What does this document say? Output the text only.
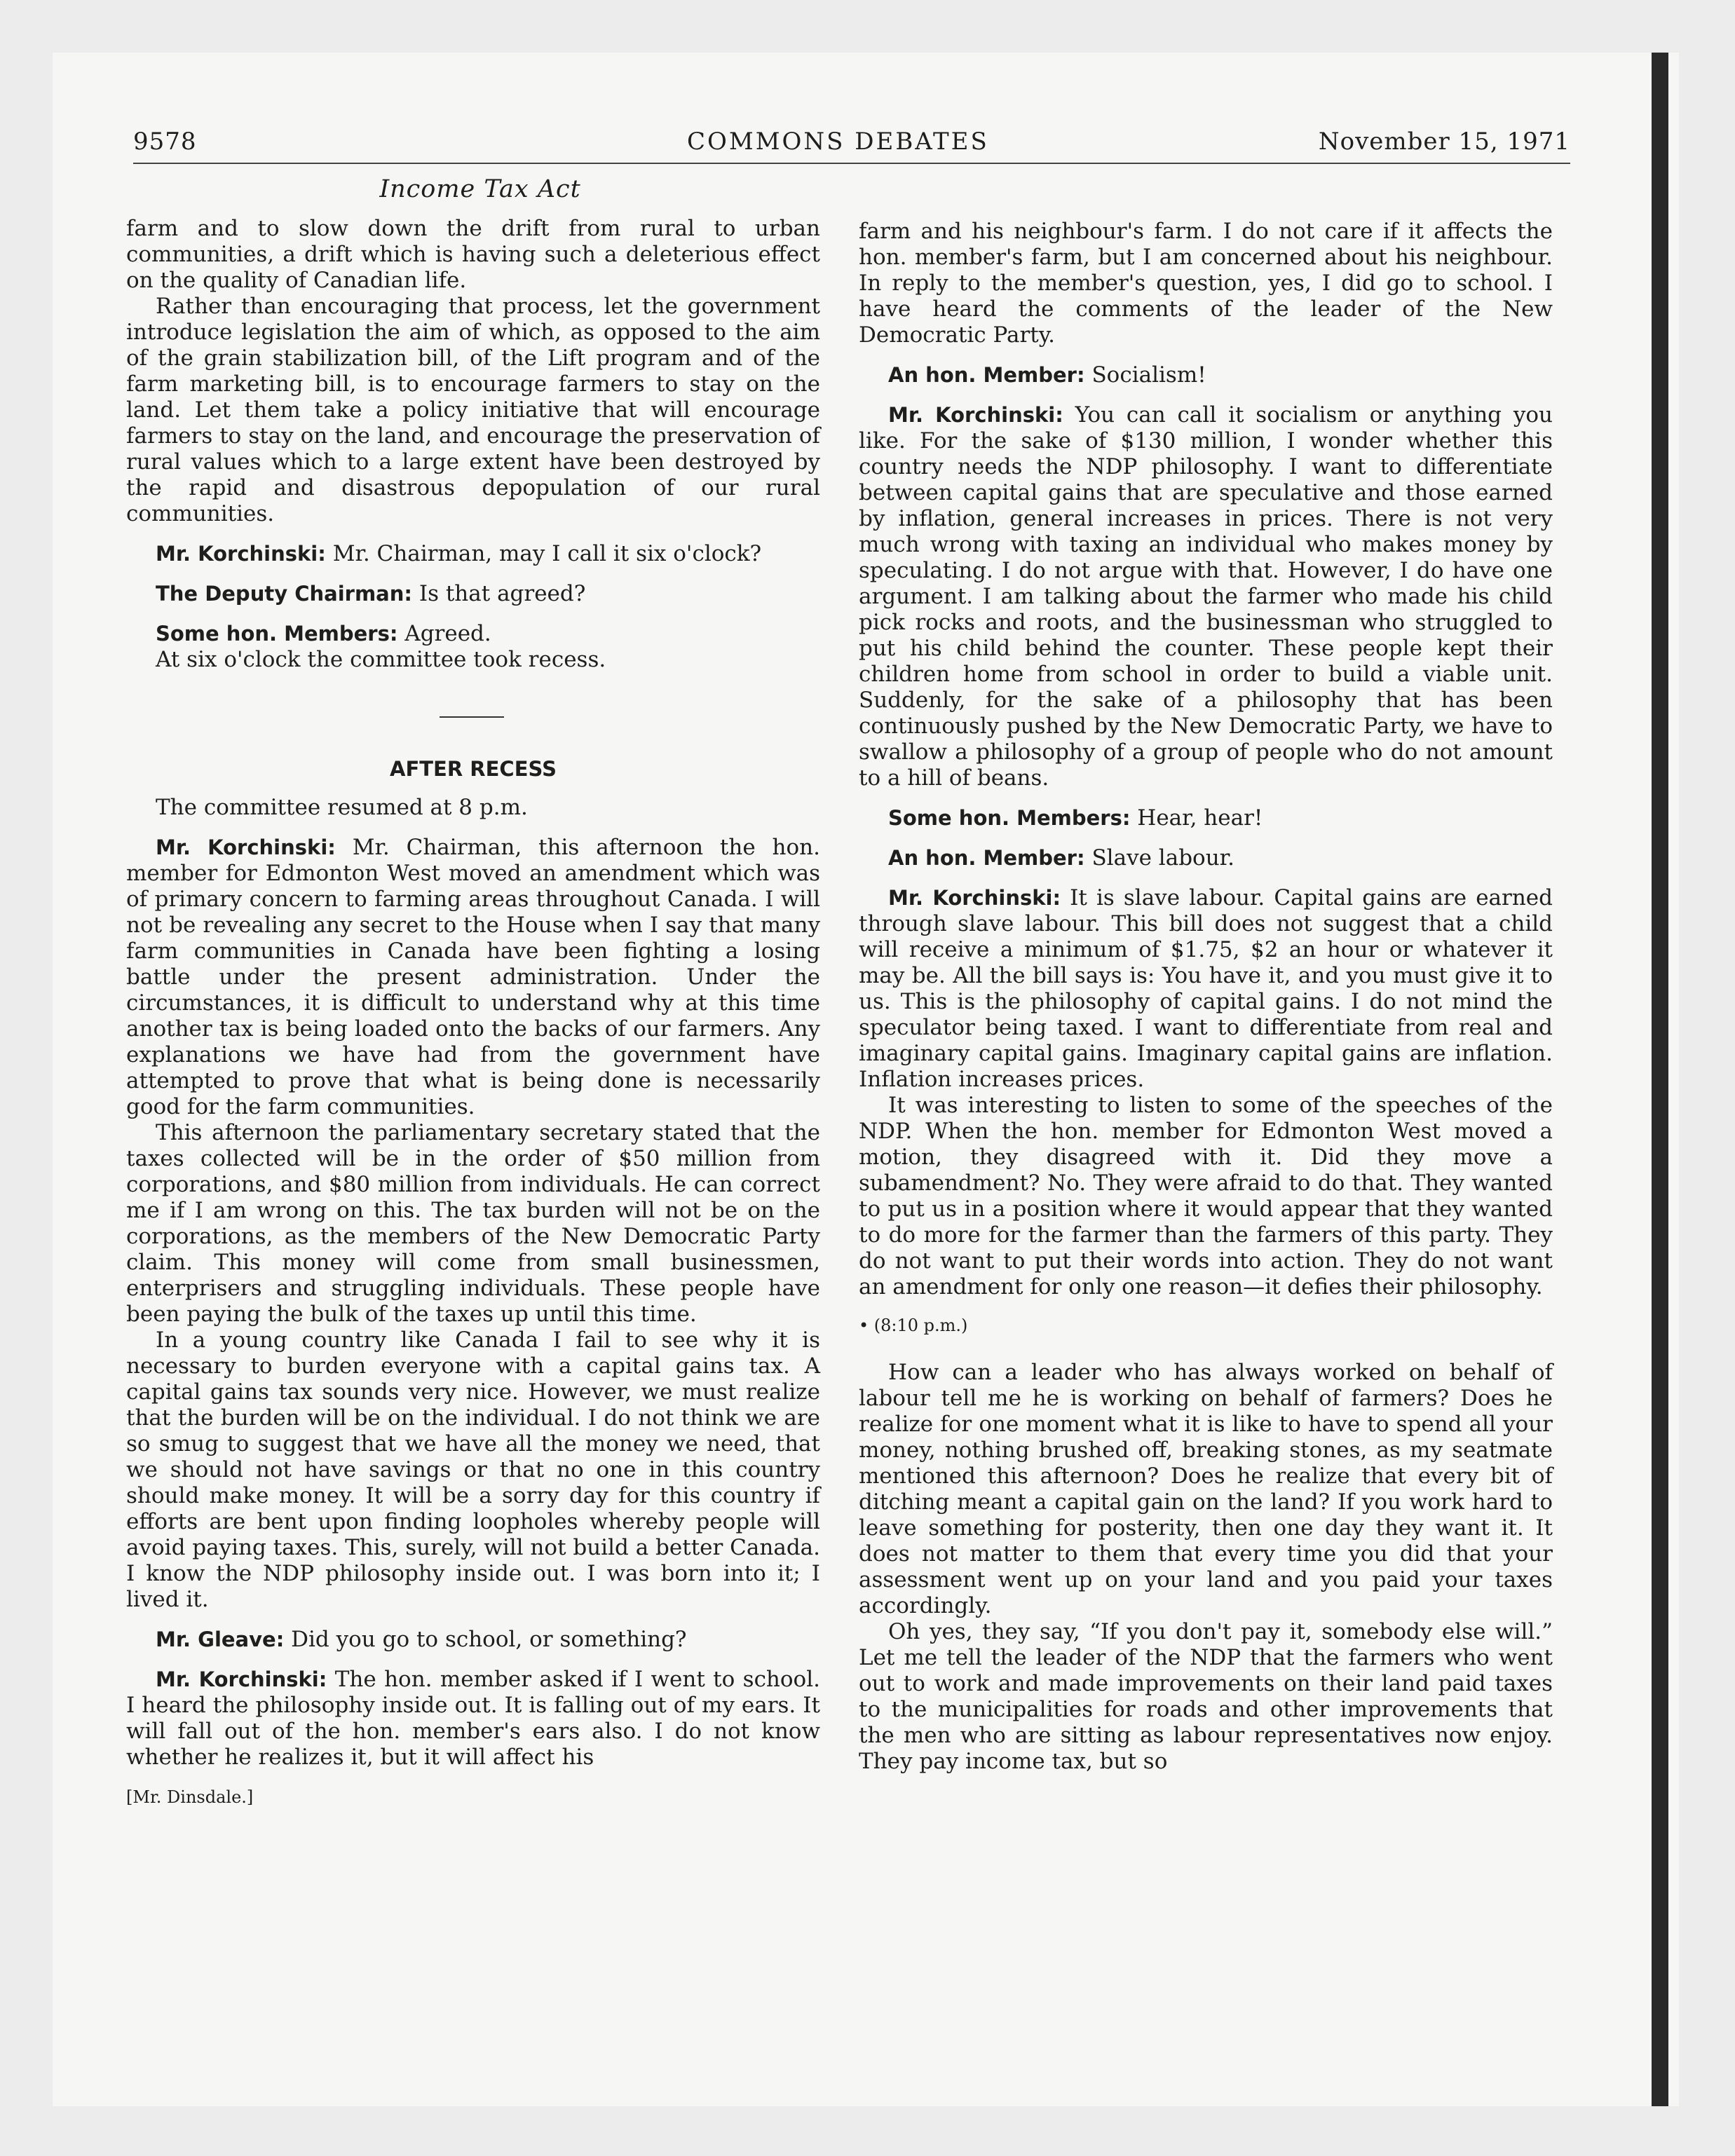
9578	COMMONS DEBATES	November 15, 1971
Income Tax Act

farm and to slow down the drift from rural to urban communities, a drift which is having such a deleterious effect on the quality of Canadian life.

Rather than encouraging that process, let the government introduce legislation the aim of which, as opposed to the aim of the grain stabilization bill, of the Lift program and of the farm marketing bill, is to encourage farmers to stay on the land. Let them take a policy initiative that will encourage farmers to stay on the land, and encourage the preservation of rural values which to a large extent have been destroyed by the rapid and disastrous depopulation of our rural communities.

Mr. Korchinski: Mr. Chairman, may I call it six o'clock?

The Deputy Chairman: Is that agreed?

Some hon. Members: Agreed.

At six o'clock the committee took recess.

AFTER RECESS

The committee resumed at 8 p.m.

Mr. Korchinski: Mr. Chairman, this afternoon the hon. member for Edmonton West moved an amendment which was of primary concern to farming areas throughout Canada. I will not be revealing any secret to the House when I say that many farm communities in Canada have been fighting a losing battle under the present administration. Under the circumstances, it is difficult to understand why at this time another tax is being loaded onto the backs of our farmers. Any explanations we have had from the government have attempted to prove that what is being done is necessarily good for the farm communities.

This afternoon the parliamentary secretary stated that the taxes collected will be in the order of $50 million from corporations, and $80 million from individuals. He can correct me if I am wrong on this. The tax burden will not be on the corporations, as the members of the New Democratic Party claim. This money will come from small businessmen, enterprisers and struggling individuals. These people have been paying the bulk of the taxes up until this time.

In a young country like Canada I fail to see why it is necessary to burden everyone with a capital gains tax. A capital gains tax sounds very nice. However, we must realize that the burden will be on the individual. I do not think we are so smug to suggest that we have all the money we need, that we should not have savings or that no one in this country should make money. It will be a sorry day for this country if efforts are bent upon finding loopholes whereby people will avoid paying taxes. This, surely, will not build a better Canada. I know the NDP philosophy inside out. I was born into it; I lived it.

Mr. Gleave: Did you go to school, or something?

Mr. Korchinski: The hon. member asked if I went to school. I heard the philosophy inside out. It is falling out of my ears. It will fall out of the hon. member's ears also. I do not know whether he realizes it, but it will affect his

[Mr. Dinsdale.]

farm and his neighbour's farm. I do not care if it affects the hon. member's farm, but I am concerned about his neighbour. In reply to the member's question, yes, I did go to school. I have heard the comments of the leader of the New Democratic Party.

An hon. Member: Socialism!

Mr. Korchinski: You can call it socialism or anything you like. For the sake of $130 million, I wonder whether this country needs the NDP philosophy. I want to differentiate between capital gains that are speculative and those earned by inflation, general increases in prices. There is not very much wrong with taxing an individual who makes money by speculating. I do not argue with that. However, I do have one argument. I am talking about the farmer who made his child pick rocks and roots, and the businessman who struggled to put his child behind the counter. These people kept their children home from school in order to build a viable unit. Suddenly, for the sake of a philosophy that has been continuously pushed by the New Democratic Party, we have to swallow a philosophy of a group of people who do not amount to a hill of beans.

Some hon. Members: Hear, hear!

An hon. Member: Slave labour.

Mr. Korchinski: It is slave labour. Capital gains are earned through slave labour. This bill does not suggest that a child will receive a minimum of $1.75, $2 an hour or whatever it may be. All the bill says is: You have it, and you must give it to us. This is the philosophy of capital gains. I do not mind the speculator being taxed. I want to differentiate from real and imaginary capital gains. Imaginary capital gains are inflation. Inflation increases prices.

It was interesting to listen to some of the speeches of the NDP. When the hon. member for Edmonton West moved a motion, they disagreed with it. Did they move a subamendment? No. They were afraid to do that. They wanted to put us in a position where it would appear that they wanted to do more for the farmer than the farmers of this party. They do not want to put their words into action. They do not want an amendment for only one reason—it defies their philosophy.

• (8:10 p.m.)

How can a leader who has always worked on behalf of labour tell me he is working on behalf of farmers? Does he realize for one moment what it is like to have to spend all your money, nothing brushed off, breaking stones, as my seatmate mentioned this afternoon? Does he realize that every bit of ditching meant a capital gain on the land? If you work hard to leave something for posterity, then one day they want it. It does not matter to them that every time you did that your assessment went up on your land and you paid your taxes accordingly.

Oh yes, they say, “If you don't pay it, somebody else will.” Let me tell the leader of the NDP that the farmers who went out to work and made improvements on their land paid taxes to the municipalities for roads and other improvements that the men who are sitting as labour representatives now enjoy. They pay income tax, but so
